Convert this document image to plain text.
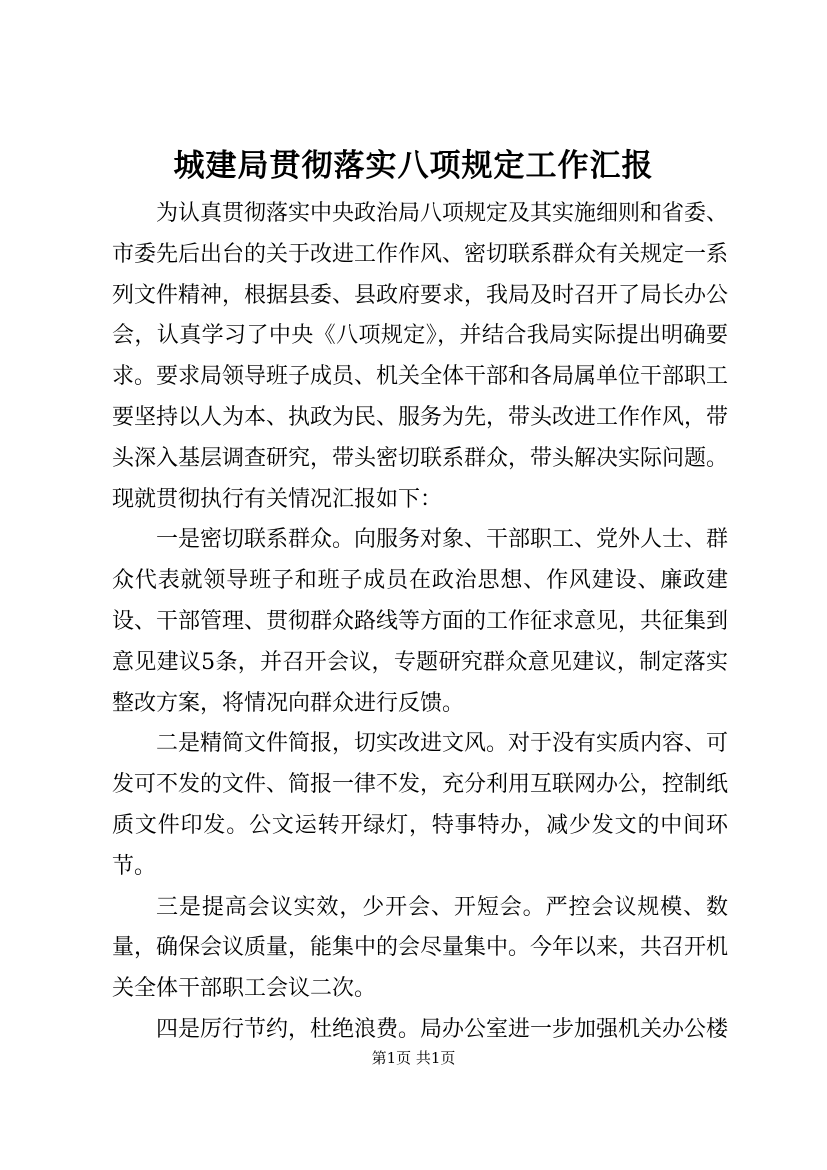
城建局贯彻落实八项规定工作汇报

为认真贯彻落实中央政治局八项规定及其实施细则和省委、市委先后出台的关于改进工作作风、密切联系群众有关规定一系列文件精神，根据县委、县政府要求，我局及时召开了局长办公会，认真学习了中央《八项规定》，并结合我局实际提出明确要求。要求局领导班子成员、机关全体干部和各局属单位干部职工要坚持以人为本、执政为民、服务为先，带头改进工作作风，带头深入基层调查研究，带头密切联系群众，带头解决实际问题。现就贯彻执行有关情况汇报如下：

一是密切联系群众。向服务对象、干部职工、党外人士、群众代表就领导班子和班子成员在政治思想、作风建设、廉政建设、干部管理、贯彻群众路线等方面的工作征求意见，共征集到意见建议5条，并召开会议，专题研究群众意见建议，制定落实整改方案，将情况向群众进行反馈。

二是精简文件简报，切实改进文风。对于没有实质内容、可发可不发的文件、简报一律不发，充分利用互联网办公，控制纸质文件印发。公文运转开绿灯，特事特办，减少发文的中间环节。

三是提高会议实效，少开会、开短会。严控会议规模、数量，确保会议质量，能集中的会尽量集中。今年以来，共召开机关全体干部职工会议二次。

四是厉行节约，杜绝浪费。局办公室进一步加强机关办公楼

第1页 共1页
